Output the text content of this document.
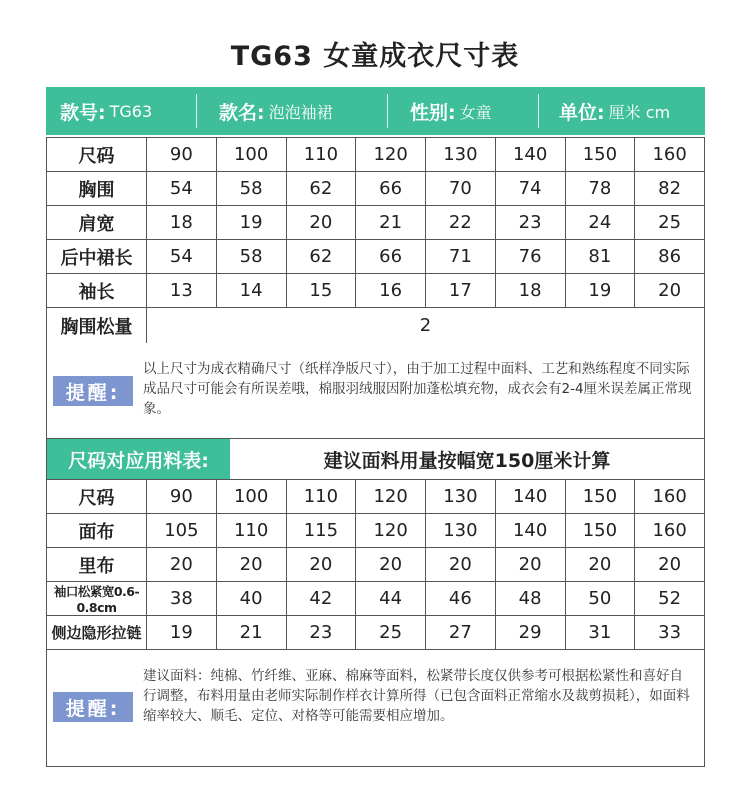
TG63 女童成衣尺寸表
款号: TG63	款名: 泡泡袖裙	性别: 女童	单位: 厘米 cm
尺码	90	100	110	120	130	140	150	160
胸围	54	58	62	66	70	74	78	82
肩宽	18	19	20	21	22	23	24	25
后中裙长	54	58	62	66	71	76	81	86
袖长	13	14	15	16	17	18	19	20
胸围松量	2							
提醒:
以上尺寸为成衣精确尺寸（纸样净版尺寸），由于加工过程中面料、工艺和熟练程度不同实际成品尺寸可能会有所误差哦，棉服羽绒服因附加蓬松填充物，成衣会有2-4厘米误差属正常现象。
尺码对应用料表:	建议面料用量按幅宽150厘米计算
尺码	90	100	110	120	130	140	150	160
面布	105	110	115	120	130	140	150	160
里布	20	20	20	20	20	20	20	20
袖口松紧宽0.6-0.8cm	38	40	42	44	46	48	50	52
侧边隐形拉链	19	21	23	25	27	29	31	33
提醒:
建议面料：纯棉、竹纤维、亚麻、棉麻等面料，松紧带长度仅供参考可根据松紧性和喜好自行调整，布料用量由老师实际制作样衣计算所得（已包含面料正常缩水及裁剪损耗），如面料缩率较大、顺毛、定位、对格等可能需要相应增加。
